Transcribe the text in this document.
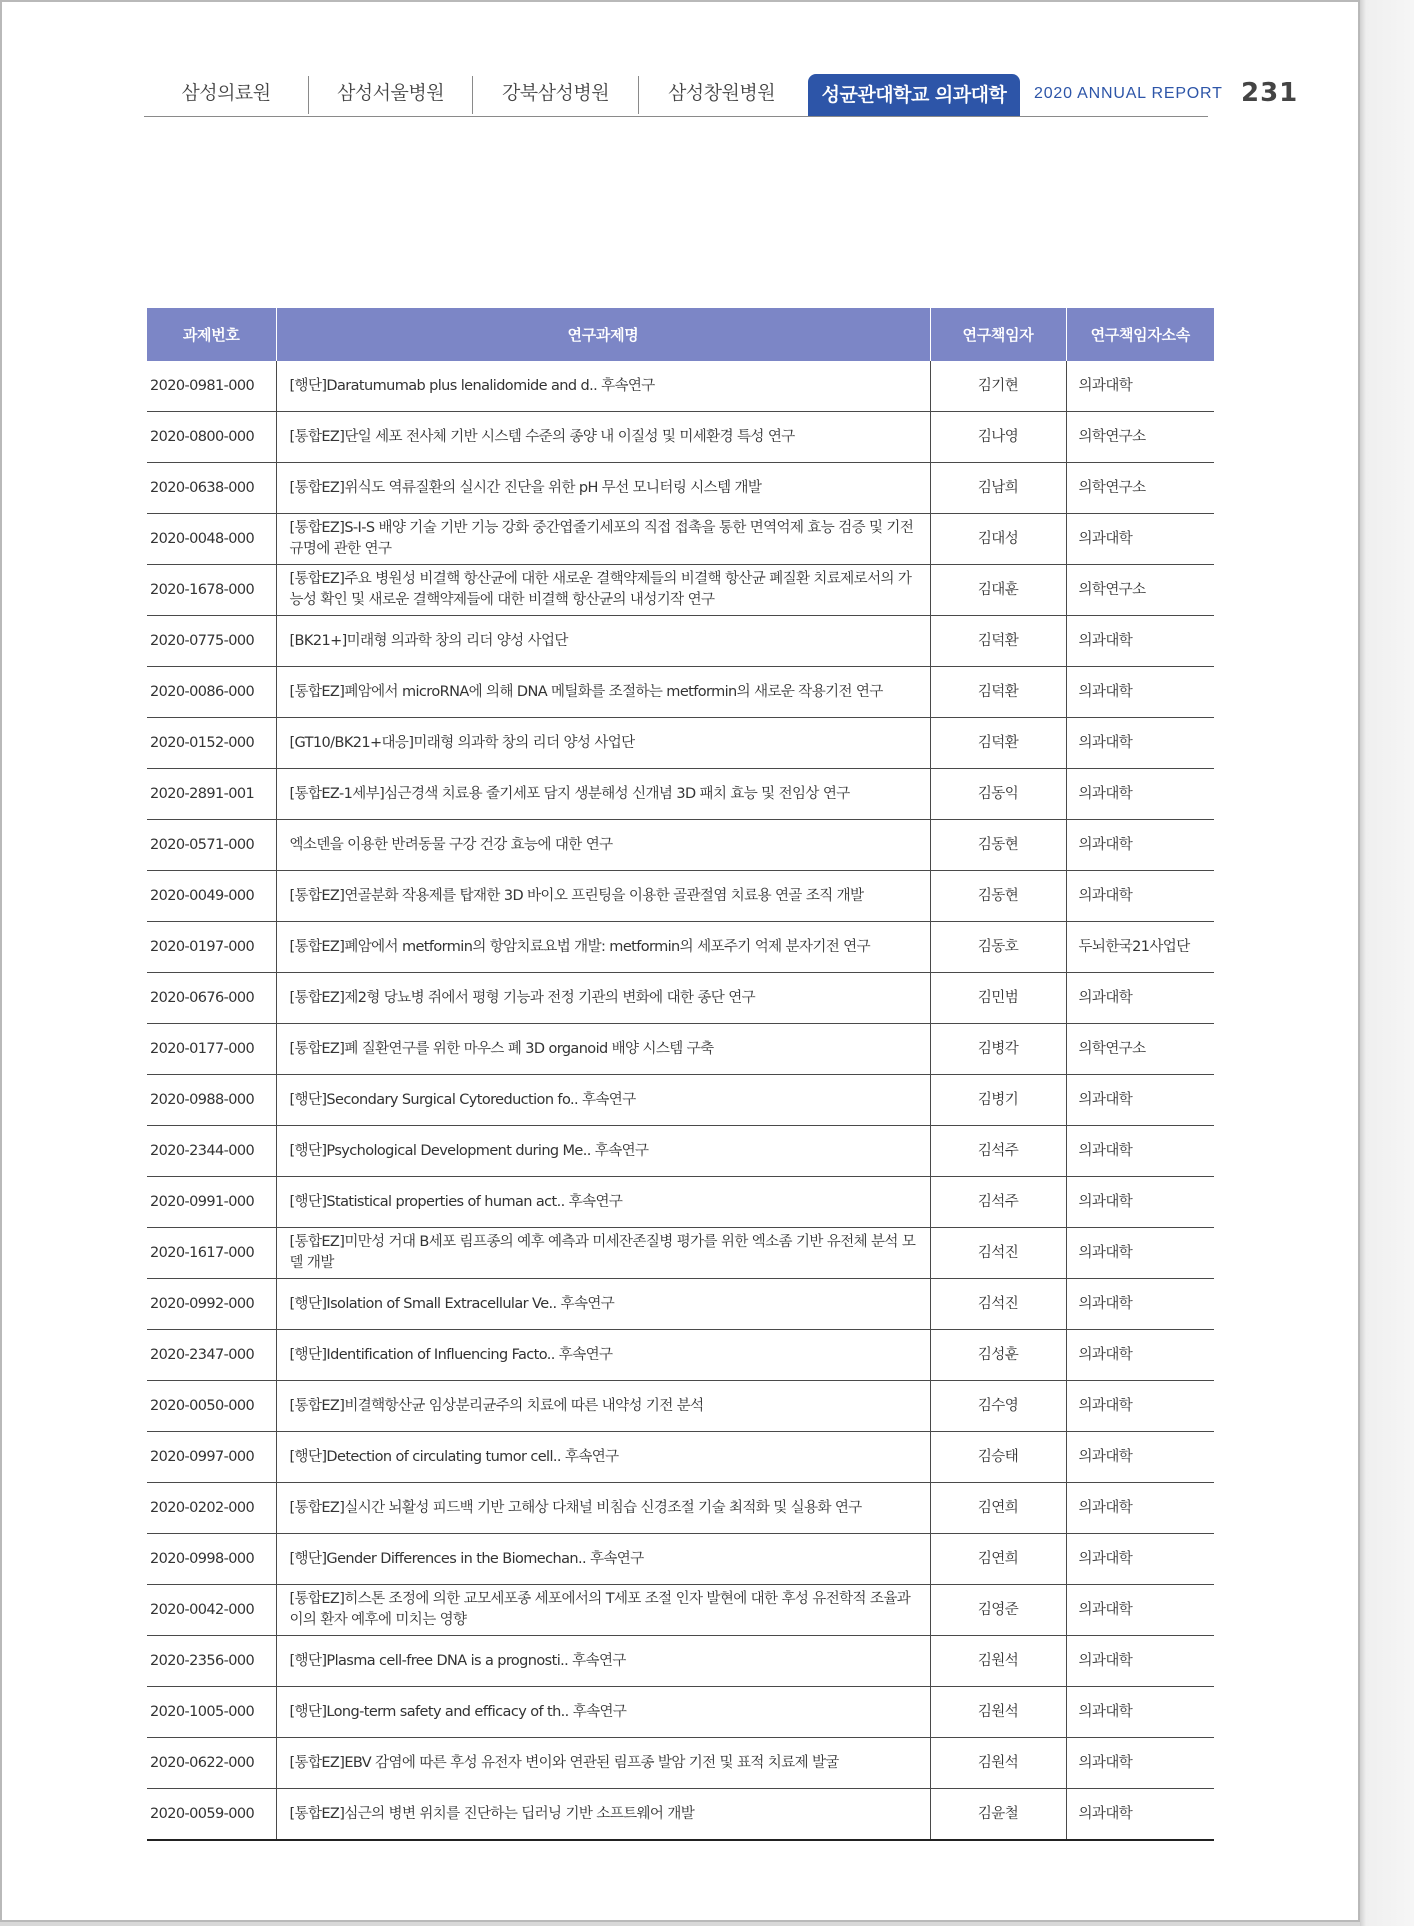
삼성의료원	삼성서울병원	강북삼성병원	삼성창원병원	성균관대학교 의과대학	2020 ANNUAL REPORT 231
과제번호	연구과제명	연구책임자	연구책임자소속
2020-0981-000	[행단]Daratumumab plus lenalidomide and d.. 후속연구	김기현	의과대학
2020-0800-000	[통합EZ]단일 세포 전사체 기반 시스템 수준의 종양 내 이질성 및 미세환경 특성 연구	김나영	의학연구소
2020-0638-000	[통합EZ]위식도 역류질환의 실시간 진단을 위한 pH 무선 모니터링 시스템 개발	김남희	의학연구소
2020-0048-000	[통합EZ]S-I-S 배양 기술 기반 기능 강화 중간엽줄기세포의 직접 접촉을 통한 면역억제 효능 검증 및 기전 규명에 관한 연구	김대성	의과대학
2020-1678-000	[통합EZ]주요 병원성 비결핵 항산균에 대한 새로운 결핵약제들의 비결핵 항산균 폐질환 치료제로서의 가능성 확인 및 새로운 결핵약제들에 대한 비결핵 항산균의 내성기작 연구	김대훈	의학연구소
2020-0775-000	[BK21+]미래형 의과학 창의 리더 양성 사업단	김덕환	의과대학
2020-0086-000	[통합EZ]폐암에서 microRNA에 의해 DNA 메틸화를 조절하는 metformin의 새로운 작용기전 연구	김덕환	의과대학
2020-0152-000	[GT10/BK21+대응]미래형 의과학 창의 리더 양성 사업단	김덕환	의과대학
2020-2891-001	[통합EZ-1세부]심근경색 치료용 줄기세포 담지 생분해성 신개념 3D 패치 효능 및 전임상 연구	김동익	의과대학
2020-0571-000	엑소덴을 이용한 반려동물 구강 건강 효능에 대한 연구	김동현	의과대학
2020-0049-000	[통합EZ]연골분화 작용제를 탑재한 3D 바이오 프린팅을 이용한 골관절염 치료용 연골 조직 개발	김동현	의과대학
2020-0197-000	[통합EZ]폐암에서 metformin의 항암치료요법 개발: metformin의 세포주기 억제 분자기전 연구	김동호	두뇌한국21사업단
2020-0676-000	[통합EZ]제2형 당뇨병 쥐에서 평형 기능과 전정 기관의 변화에 대한 종단 연구	김민범	의과대학
2020-0177-000	[통합EZ]폐 질환연구를 위한 마우스 폐 3D organoid 배양 시스템 구축	김병각	의학연구소
2020-0988-000	[행단]Secondary Surgical Cytoreduction fo.. 후속연구	김병기	의과대학
2020-2344-000	[행단]Psychological Development during Me.. 후속연구	김석주	의과대학
2020-0991-000	[행단]Statistical properties of human act.. 후속연구	김석주	의과대학
2020-1617-000	[통합EZ]미만성 거대 B세포 림프종의 예후 예측과 미세잔존질병 평가를 위한 엑소좀 기반 유전체 분석 모델 개발	김석진	의과대학
2020-0992-000	[행단]Isolation of Small Extracellular Ve.. 후속연구	김석진	의과대학
2020-2347-000	[행단]Identification of Influencing Facto.. 후속연구	김성훈	의과대학
2020-0050-000	[통합EZ]비결핵항산균 임상분리균주의 치료에 따른 내약성 기전 분석	김수영	의과대학
2020-0997-000	[행단]Detection of circulating tumor cell.. 후속연구	김승태	의과대학
2020-0202-000	[통합EZ]실시간 뇌활성 피드백 기반 고해상 다채널 비침습 신경조절 기술 최적화 및 실용화 연구	김연희	의과대학
2020-0998-000	[행단]Gender Differences in the Biomechan.. 후속연구	김연희	의과대학
2020-0042-000	[통합EZ]히스톤 조정에 의한 교모세포종 세포에서의 T세포 조절 인자 발현에 대한 후성 유전학적 조율과 이의 환자 예후에 미치는 영향	김영준	의과대학
2020-2356-000	[행단]Plasma cell-free DNA is a prognosti.. 후속연구	김원석	의과대학
2020-1005-000	[행단]Long-term safety and efficacy of th.. 후속연구	김원석	의과대학
2020-0622-000	[통합EZ]EBV 감염에 따른 후성 유전자 변이와 연관된 림프종 발암 기전 및 표적 치료제 발굴	김원석	의과대학
2020-0059-000	[통합EZ]심근의 병변 위치를 진단하는 딥러닝 기반 소프트웨어 개발	김윤철	의과대학
